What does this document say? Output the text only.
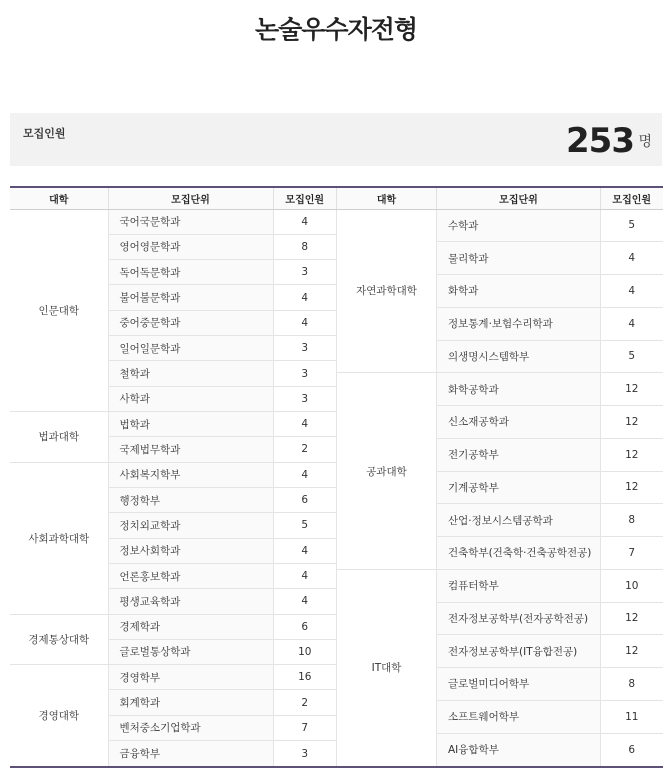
논술우수자전형
모집인원	253 명
대학	모집단위	모집인원
인문대학	국어국문학과	4
	영어영문학과	8
	독어독문학과	3
	불어불문학과	4
	중어중문학과	4
	일어일문학과	3
	철학과	3
	사학과	3
법과대학	법학과	4
	국제법무학과	2
사회과학대학	사회복지학부	4
	행정학부	6
	정치외교학과	5
	정보사회학과	4
	언론홍보학과	4
	평생교육학과	4
경제통상대학	경제학과	6
	글로벌통상학과	10
경영대학	경영학부	16
	회계학과	2
	벤처중소기업학과	7
	금융학부	3
대학	모집단위	모집인원
자연과학대학	수학과	5
	물리학과	4
	화학과	4
	정보통계·보험수리학과	4
	의생명시스템학부	5
공과대학	화학공학과	12
	신소재공학과	12
	전기공학부	12
	기계공학부	12
	산업·정보시스템공학과	8
	건축학부(건축학·건축공학전공)	7
IT대학	컴퓨터학부	10
	전자정보공학부(전자공학전공)	12
	전자정보공학부(IT융합전공)	12
	글로벌미디어학부	8
	소프트웨어학부	11
	AI융합학부	6
